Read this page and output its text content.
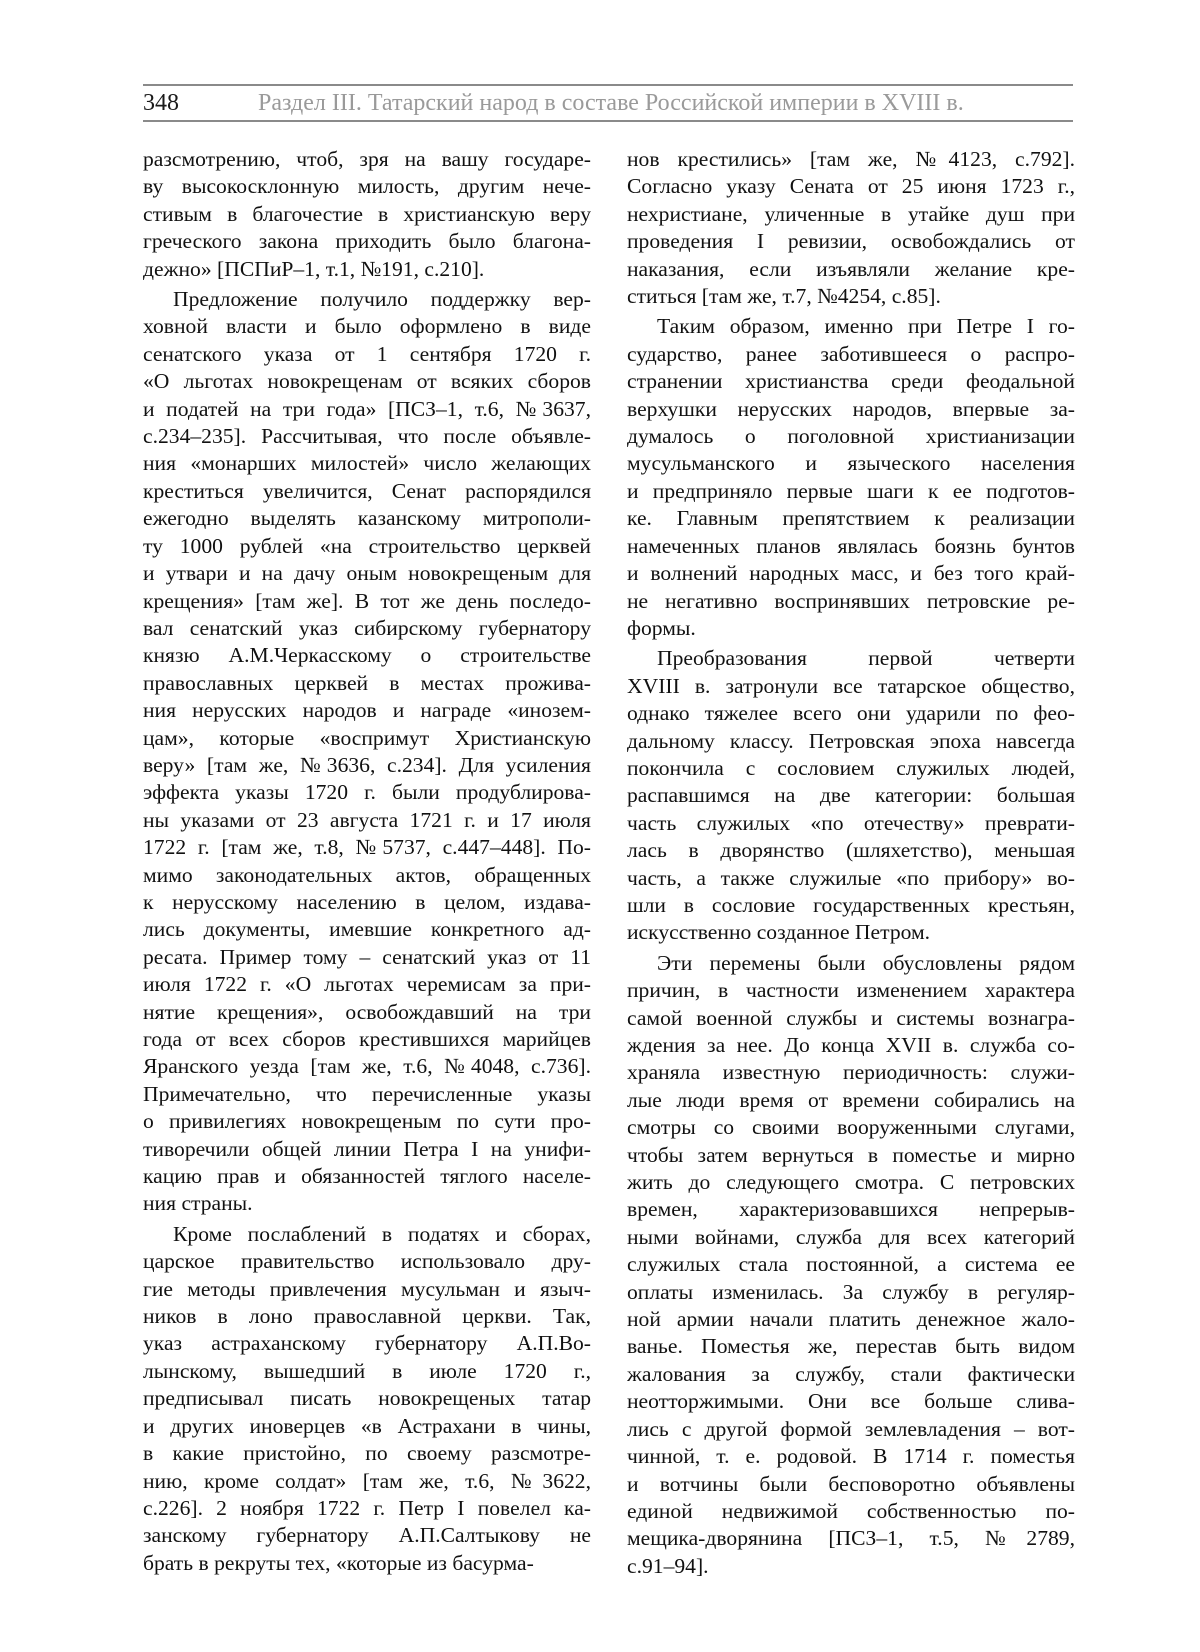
348	Раздел III. Татарский народ в составе Российской империи в XVIII в.

разсмотрению, чтоб, зря на вашу государе-
ву высокосклонную милость, другим нече-
стивым в благочестие в христианскую веру
греческого закона приходить было благона-
дежно» [ПСПиР–1, т.1, №191, с.210].

Предложение получило поддержку вер-
ховной власти и было оформлено в виде
сенатского указа от 1 сентября 1720 г.
«О льготах новокрещенам от всяких сборов
и податей на три года» [ПСЗ–1, т.6, №3637,
с.234–235]. Рассчитывая, что после объявле-
ния «монарших милостей» число желающих
креститься увеличится, Сенат распорядился
ежегодно выделять казанскому митрополи-
ту 1000 рублей «на строительство церквей
и утвари и на дачу оным новокрещеным для
крещения» [там же]. В тот же день последо-
вал сенатский указ сибирскому губернатору
князю А.М.Черкасскому о строительстве
православных церквей в местах прожива-
ния нерусских народов и награде «инозем-
цам», которые «воспримут Христианскую
веру» [там же, №3636, с.234]. Для усиления
эффекта указы 1720 г. были продублирова-
ны указами от 23 августа 1721 г. и 17 июля
1722 г. [там же, т.8, №5737, с.447–448]. По-
мимо законодательных актов, обращенных
к нерусскому населению в целом, издава-
лись документы, имевшие конкретного ад-
ресата. Пример тому – сенатский указ от 11
июля 1722 г. «О льготах черемисам за при-
нятие крещения», освобождавший на три
года от всех сборов крестившихся марийцев
Яранского уезда [там же, т.6, №4048, с.736].
Примечательно, что перечисленные указы
о привилегиях новокрещеным по сути про-
тиворечили общей линии Петра I на унифи-
кацию прав и обязанностей тяглого населе-
ния страны.

Кроме послаблений в податях и сборах,
царское правительство использовало дру-
гие методы привлечения мусульман и языч-
ников в лоно православной церкви. Так,
указ астраханскому губернатору А.П.Во-
лынскому, вышедший в июле 1720 г.,
предписывал писать новокрещеных татар
и других иноверцев «в Астрахани в чины,
в какие пристойно, по своему разсмотре-
нию, кроме солдат» [там же, т.6, №3622,
с.226]. 2 ноября 1722 г. Петр I повелел ка-
занскому губернатору А.П.Салтыкову не
брать в рекруты тех, «которые из басурма-

нов крестились» [там же, №4123, с.792].
Согласно указу Сената от 25 июня 1723 г.,
нехристиане, уличенные в утайке душ при
проведения I ревизии, освобождались от
наказания, если изъявляли желание кре-
ститься [там же, т.7, №4254, с.85].

Таким образом, именно при Петре I го-
сударство, ранее заботившееся о распро-
странении христианства среди феодальной
верхушки нерусских народов, впервые за-
думалось о поголовной христианизации
мусульманского и языческого населения
и предприняло первые шаги к ее подготов-
ке. Главным препятствием к реализации
намеченных планов являлась боязнь бунтов
и волнений народных масс, и без того край-
не негативно воспринявших петровские ре-
формы.

Преобразования первой четверти
XVIII в. затронули все татарское общество,
однако тяжелее всего они ударили по фео-
дальному классу. Петровская эпоха навсегда
покончила с сословием служилых людей,
распавшимся на две категории: большая
часть служилых «по отечеству» преврати-
лась в дворянство (шляхетство), меньшая
часть, а также служилые «по прибору» во-
шли в сословие государственных крестьян,
искусственно созданное Петром.

Эти перемены были обусловлены рядом
причин, в частности изменением характера
самой военной службы и системы вознагра-
ждения за нее. До конца XVII в. служба со-
храняла известную периодичность: служи-
лые люди время от времени собирались на
смотры со своими вооруженными слугами,
чтобы затем вернуться в поместье и мирно
жить до следующего смотра. С петровских
времен, характеризовавшихся непрерыв-
ными войнами, служба для всех категорий
служилых стала постоянной, а система ее
оплаты изменилась. За службу в регуляр-
ной армии начали платить денежное жало-
ванье. Поместья же, перестав быть видом
жалования за службу, стали фактически
неотторжимыми. Они все больше слива-
лись с другой формой землевладения – вот-
чинной, т. е. родовой. В 1714 г. поместья
и вотчины были бесповоротно объявлены
единой недвижимой собственностью по-
мещика-дворянина [ПСЗ–1, т.5, №2789,
с.91–94].
